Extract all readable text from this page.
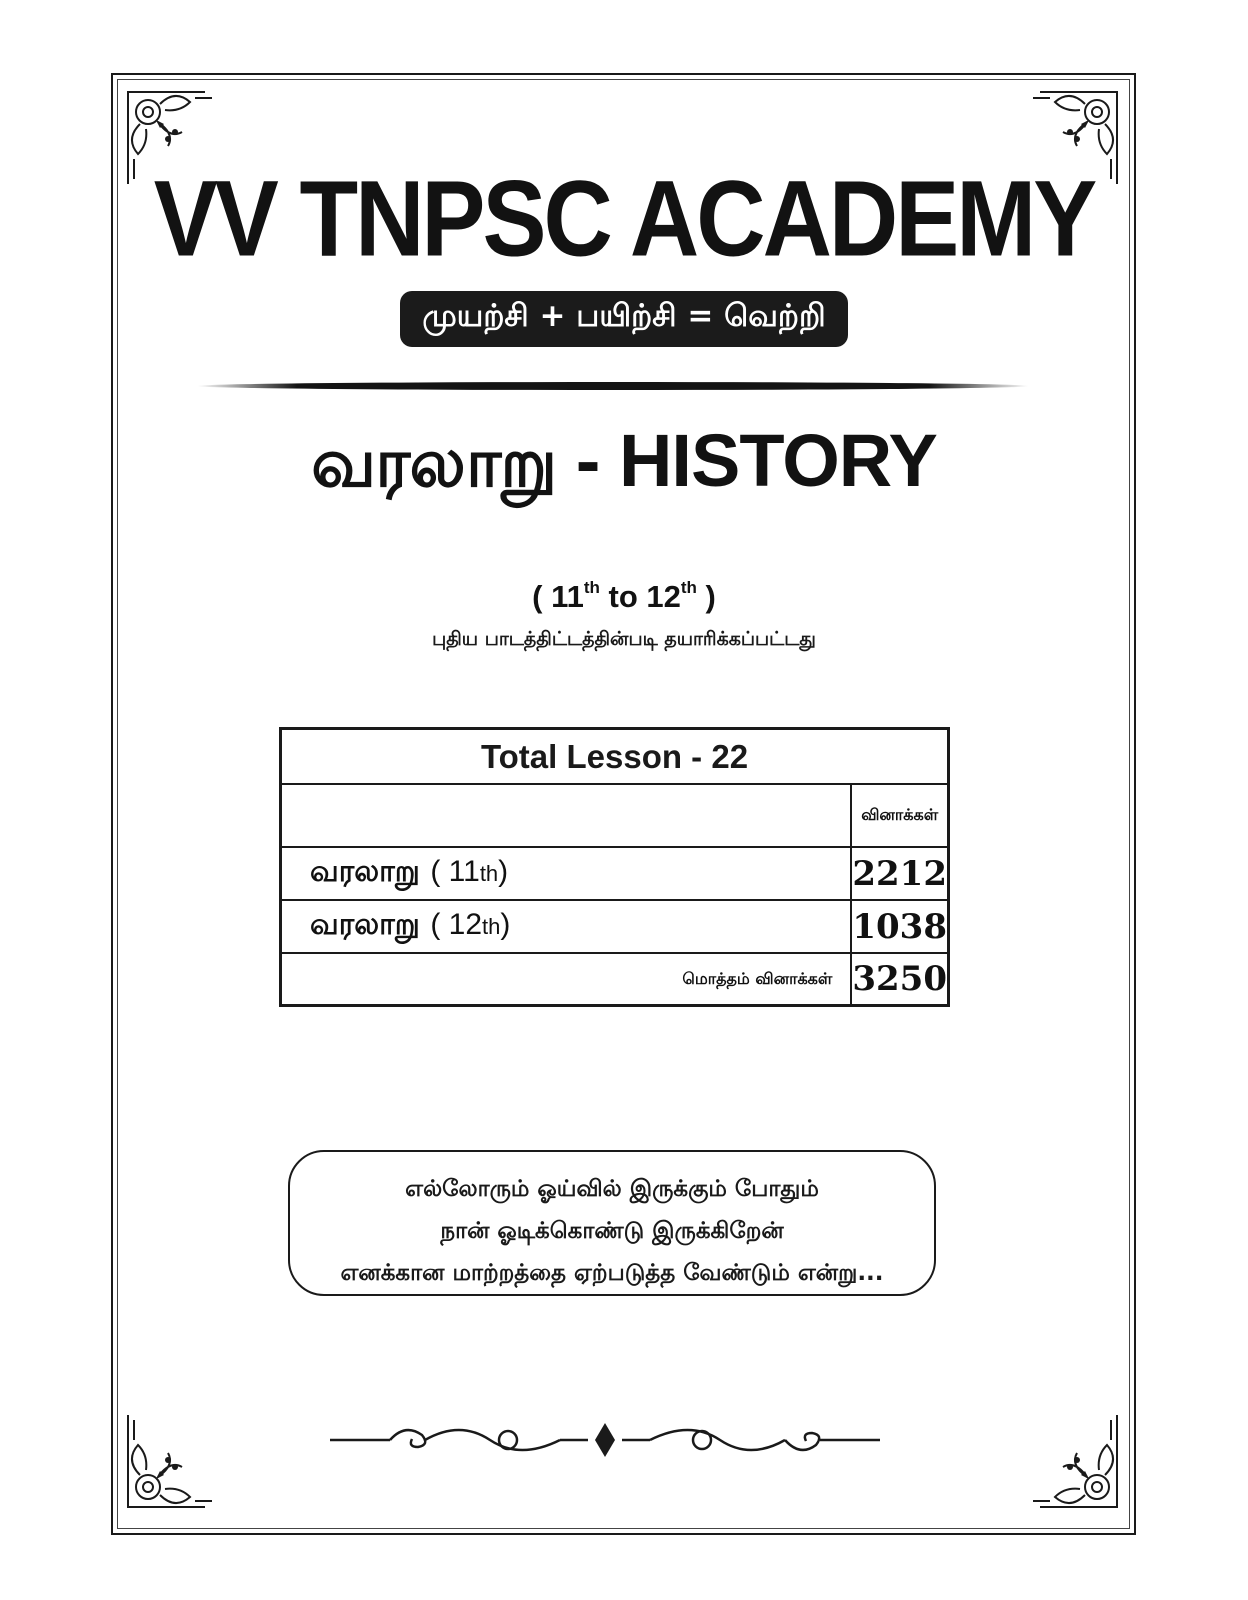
VV TNPSC ACADEMY
முயற்சி + பயிற்சி = வெற்றி
வரலாறு - HISTORY
( 11th to 12th )
புதிய பாடத்திட்டத்தின்படி தயாரிக்கப்பட்டது
Total Lesson - 22	
	வினாக்கள்
வரலாறு ( 11th)	2212
வரலாறு ( 12th)	1038
மொத்தம் வினாக்கள்	3250
எல்லோரும் ஓய்வில் இருக்கும் போதும்
நான் ஓடிக்கொண்டு இருக்கிறேன்
எனக்கான மாற்றத்தை ஏற்படுத்த வேண்டும் என்று...
